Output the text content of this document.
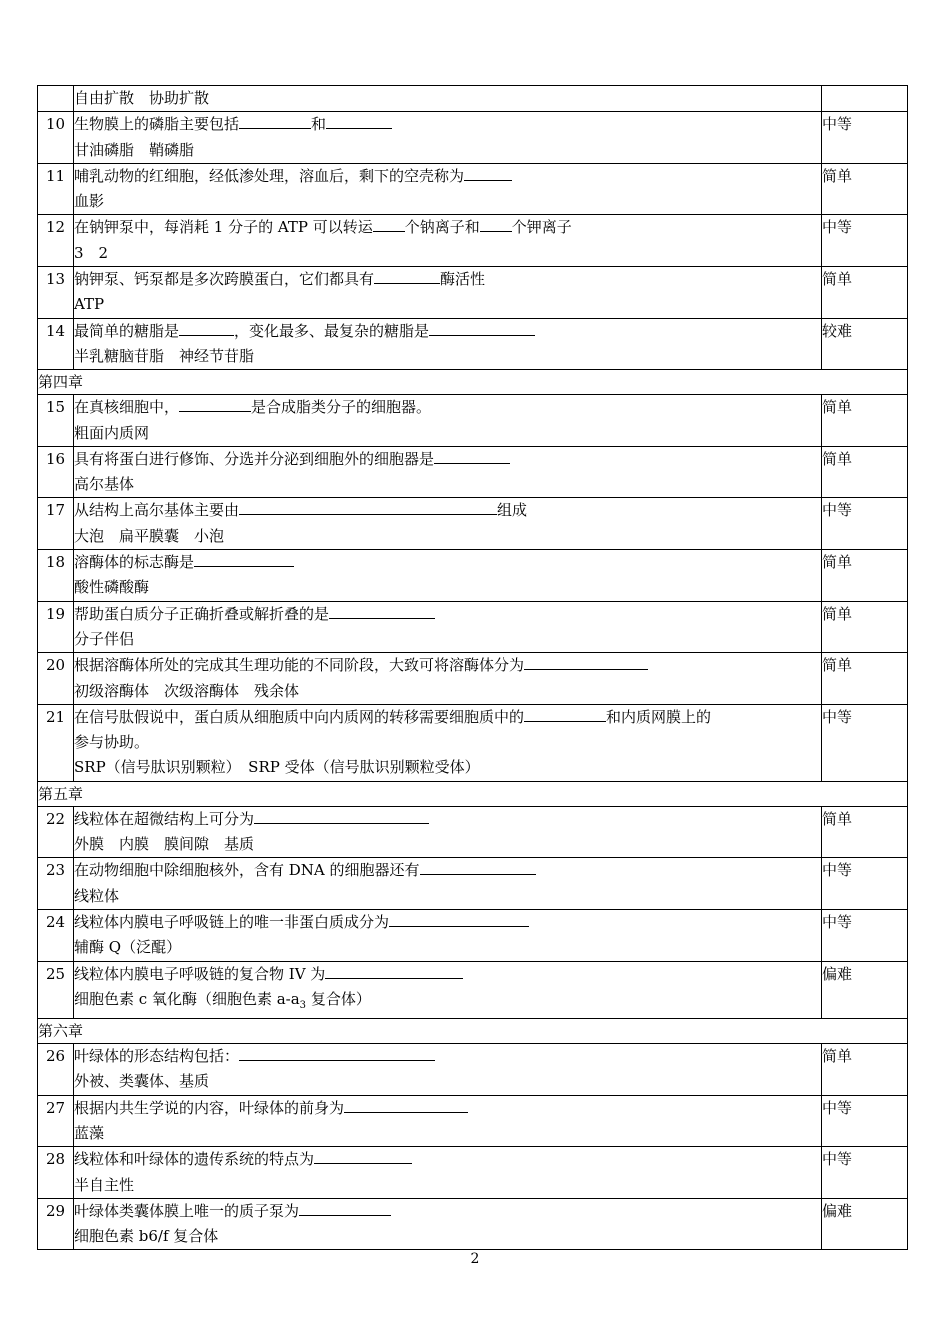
	自由扩散　协助扩散	
10	生物膜上的磷脂主要包括 和
甘油磷脂　鞘磷脂	中等
11	哺乳动物的红细胞，经低渗处理，溶血后，剩下的空壳称为
血影	简单
12	在钠钾泵中，每消耗 1 分子的 ATP 可以转运 个钠离子和 个钾离子
3　2	中等
13	钠钾泵、钙泵都是多次跨膜蛋白，它们都具有 酶活性
ATP	简单
14	最简单的糖脂是 ，变化最多、最复杂的糖脂是
半乳糖脑苷脂　神经节苷脂	较难
第四章		
15	在真核细胞中， 是合成脂类分子的细胞器。
粗面内质网	简单
16	具有将蛋白进行修饰、分选并分泌到细胞外的细胞器是
高尔基体	简单
17	从结构上高尔基体主要由 组成
大泡　扁平膜囊　小泡	中等
18	溶酶体的标志酶是
酸性磷酸酶	简单
19	帮助蛋白质分子正确折叠或解折叠的是
分子伴侣	简单
20	根据溶酶体所处的完成其生理功能的不同阶段，大致可将溶酶体分为
初级溶酶体　次级溶酶体　残余体	简单
21	在信号肽假说中，蛋白质从细胞质中向内质网的转移需要细胞质中的 和内质网膜上的
参与协助。
SRP（信号肽识别颗粒）　SRP 受体（信号肽识别颗粒受体）	中等
第五章		
22	线粒体在超微结构上可分为
外膜　内膜　膜间隙　基质	简单
23	在动物细胞中除细胞核外，含有 DNA 的细胞器还有
线粒体	中等
24	线粒体内膜电子呼吸链上的唯一非蛋白质成分为
辅酶 Q（泛醌）	中等
25	线粒体内膜电子呼吸链的复合物 IV 为
细胞色素 c 氧化酶（细胞色素 $a-a_3$ 复合体）	偏难
第六章		
26	叶绿体的形态结构包括：
外被、类囊体、基质	简单
27	根据内共生学说的内容，叶绿体的前身为
蓝藻	中等
28	线粒体和叶绿体的遗传系统的特点为
半自主性	中等
29	叶绿体类囊体膜上唯一的质子泵为
细胞色素 b6/f 复合体	偏难
2
